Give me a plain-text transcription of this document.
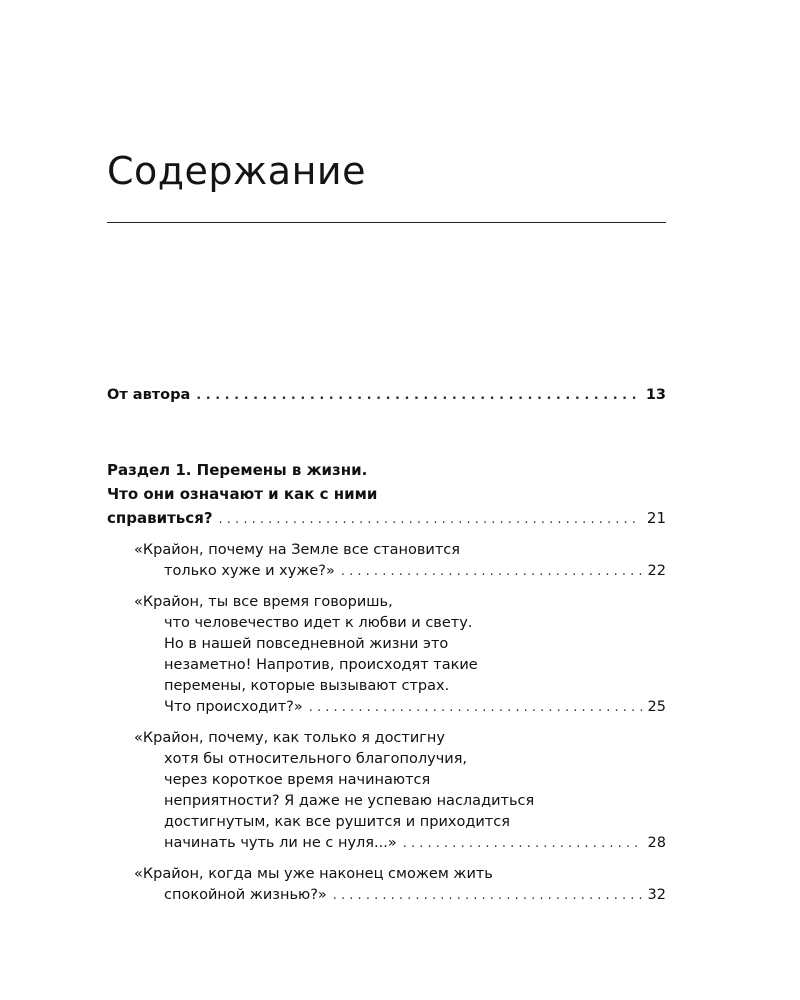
Содержание
От автора . . .	13
Раздел 1. Перемены в жизни.
Что они означают и как с ними
справиться? . . .	21
«Крайон, почему на Земле все становится
только хуже и хуже?» . . .	22
«Крайон, ты все время говоришь,
что человечество идет к любви и свету.
Но в нашей повседневной жизни это
незаметно! Напротив, происходят такие
перемены, которые вызывают страх.
Что происходит?» . . .	25
«Крайон, почему, как только я достигну
хотя бы относительного благополучия,
через короткое время начинаются
неприятности? Я даже не успеваю насладиться
достигнутым, как все рушится и приходится
начинать чуть ли не с нуля...» . . .	28
«Крайон, когда мы уже наконец сможем жить
спокойной жизнью?» . . .	32
